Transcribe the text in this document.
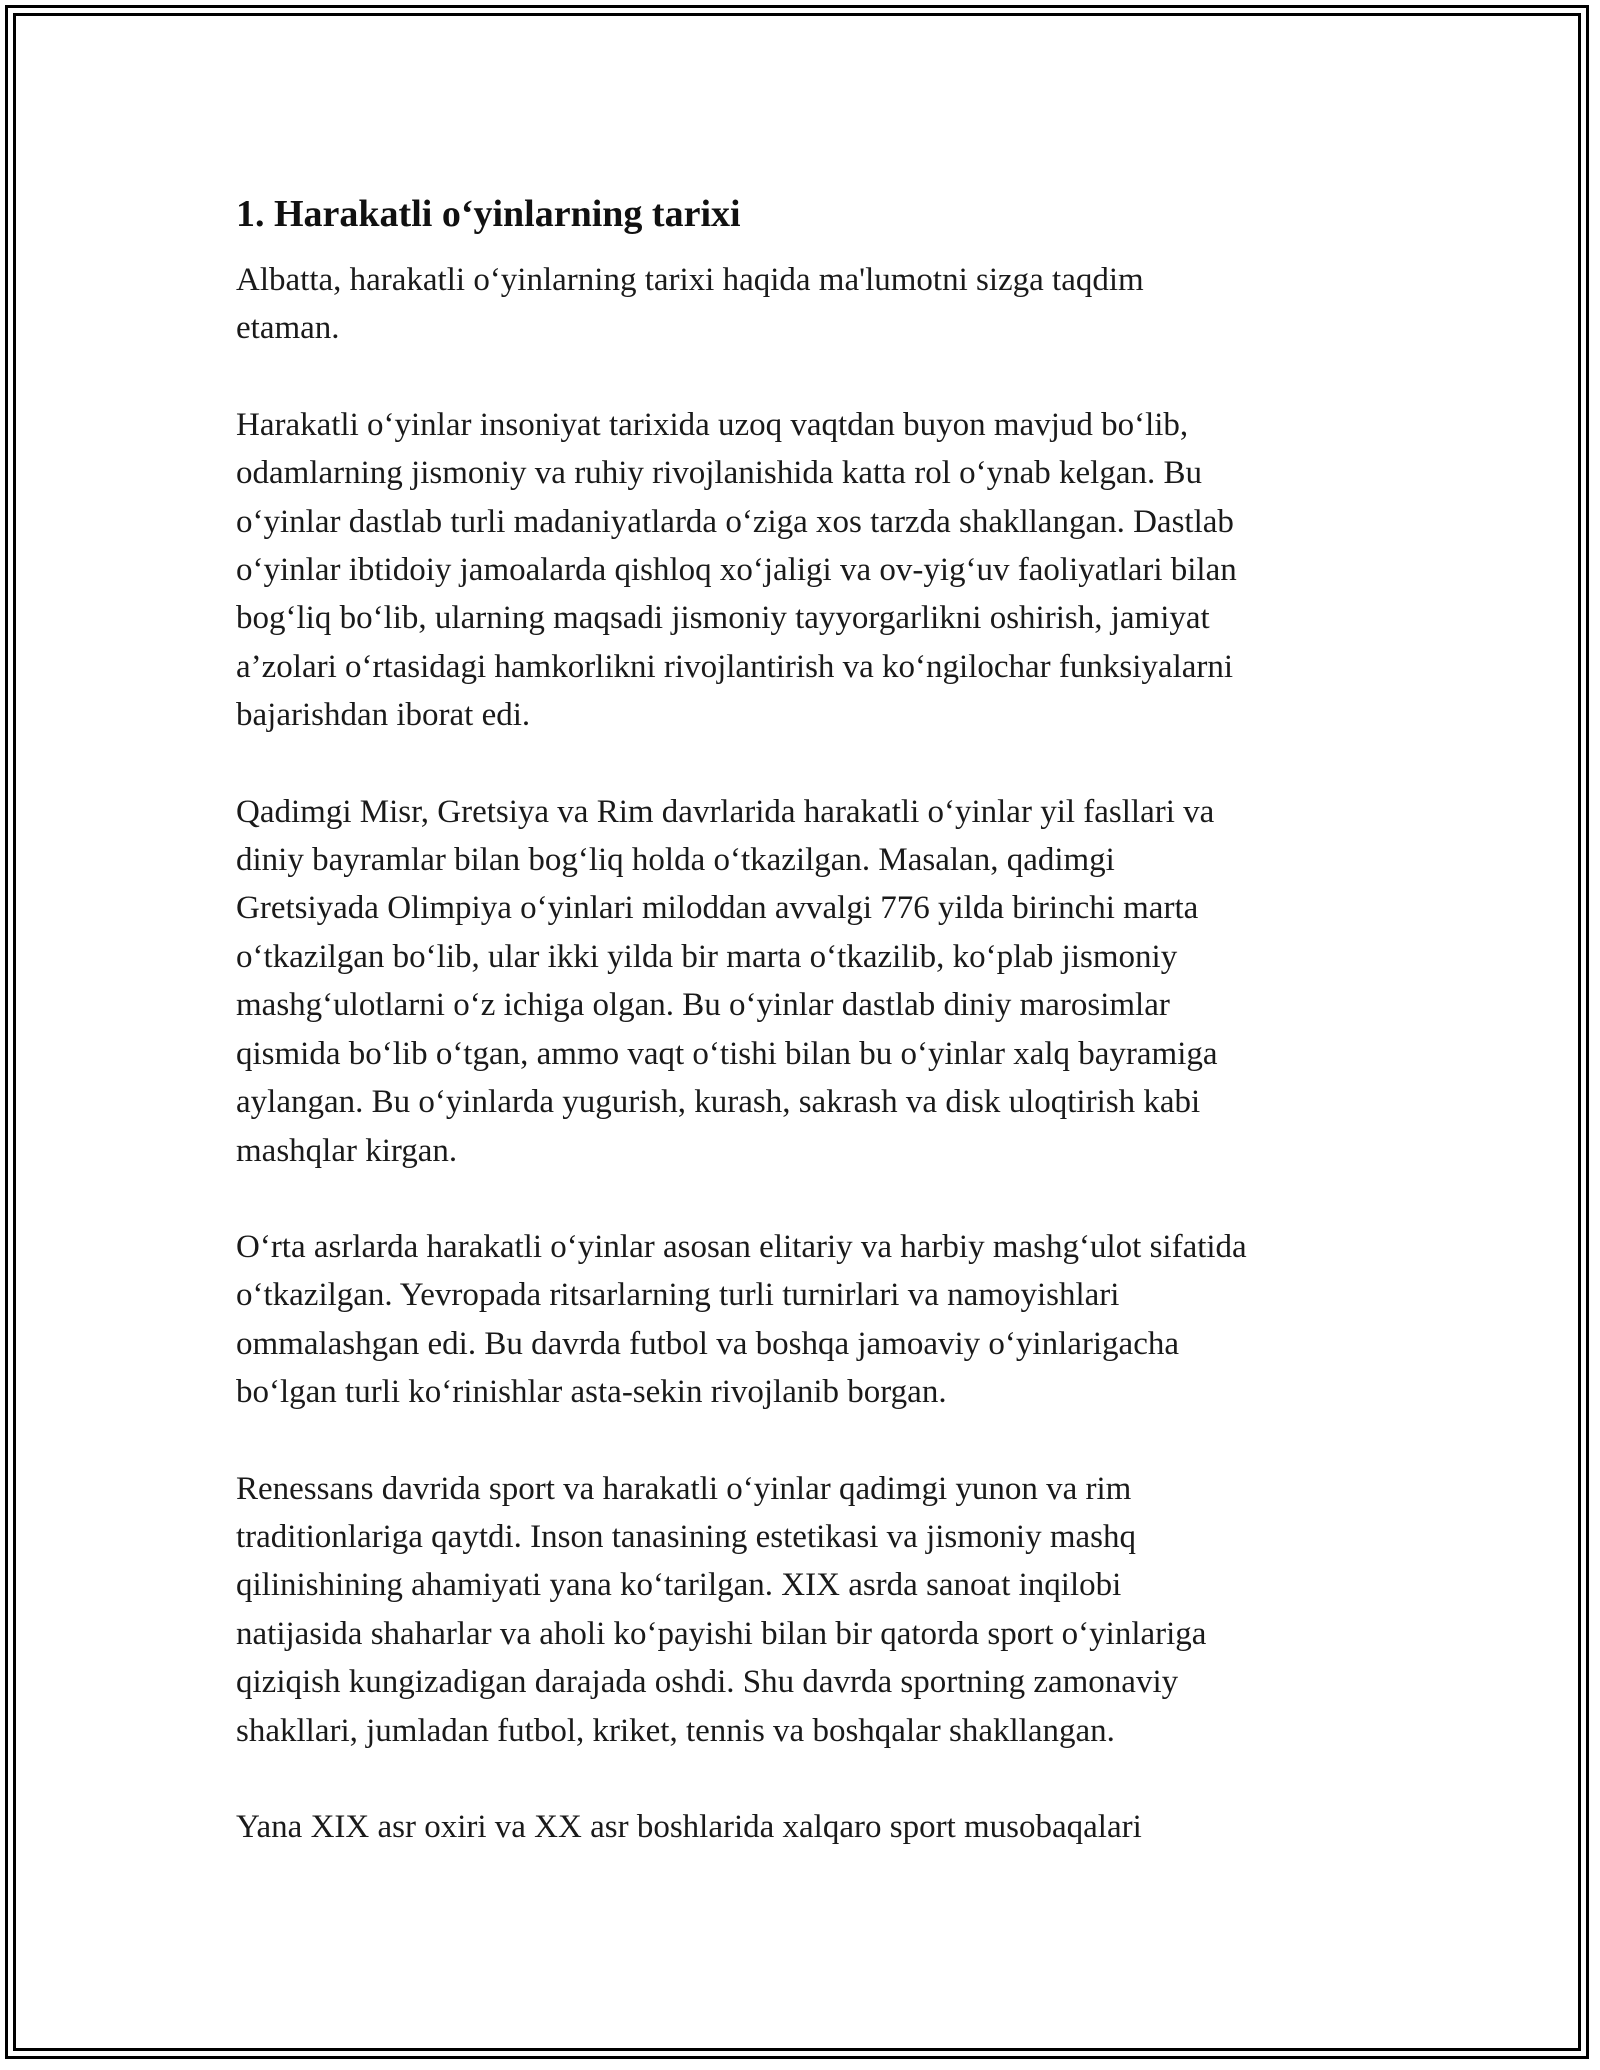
1. Harakatli o‘yinlarning tarixi

Albatta, harakatli o‘yinlarning tarixi haqida ma'lumotni sizga taqdim
etaman.

Harakatli o‘yinlar insoniyat tarixida uzoq vaqtdan buyon mavjud bo‘lib,
odamlarning jismoniy va ruhiy rivojlanishida katta rol o‘ynab kelgan. Bu
o‘yinlar dastlab turli madaniyatlarda o‘ziga xos tarzda shakllangan. Dastlab
o‘yinlar ibtidoiy jamoalarda qishloq xo‘jaligi va ov-yig‘uv faoliyatlari bilan
bog‘liq bo‘lib, ularning maqsadi jismoniy tayyorgarlikni oshirish, jamiyat
a’zolari o‘rtasidagi hamkorlikni rivojlantirish va ko‘ngilochar funksiyalarni
bajarishdan iborat edi.

Qadimgi Misr, Gretsiya va Rim davrlarida harakatli o‘yinlar yil fasllari va
diniy bayramlar bilan bog‘liq holda o‘tkazilgan. Masalan, qadimgi
Gretsiyada Olimpiya o‘yinlari miloddan avvalgi 776 yilda birinchi marta
o‘tkazilgan bo‘lib, ular ikki yilda bir marta o‘tkazilib, ko‘plab jismoniy
mashg‘ulotlarni o‘z ichiga olgan. Bu o‘yinlar dastlab diniy marosimlar
qismida bo‘lib o‘tgan, ammo vaqt o‘tishi bilan bu o‘yinlar xalq bayramiga
aylangan. Bu o‘yinlarda yugurish, kurash, sakrash va disk uloqtirish kabi
mashqlar kirgan.

O‘rta asrlarda harakatli o‘yinlar asosan elitariy va harbiy mashg‘ulot sifatida
o‘tkazilgan. Yevropada ritsarlarning turli turnirlari va namoyishlari
ommalashgan edi. Bu davrda futbol va boshqa jamoaviy o‘yinlarigacha
bo‘lgan turli ko‘rinishlar asta-sekin rivojlanib borgan.

Renessans davrida sport va harakatli o‘yinlar qadimgi yunon va rim
traditionlariga qaytdi. Inson tanasining estetikasi va jismoniy mashq
qilinishining ahamiyati yana ko‘tarilgan. XIX asrda sanoat inqilobi
natijasida shaharlar va aholi ko‘payishi bilan bir qatorda sport o‘yinlariga
qiziqish kungizadigan darajada oshdi. Shu davrda sportning zamonaviy
shakllari, jumladan futbol, kriket, tennis va boshqalar shakllangan.

Yana XIX asr oxiri va XX asr boshlarida xalqaro sport musobaqalari
